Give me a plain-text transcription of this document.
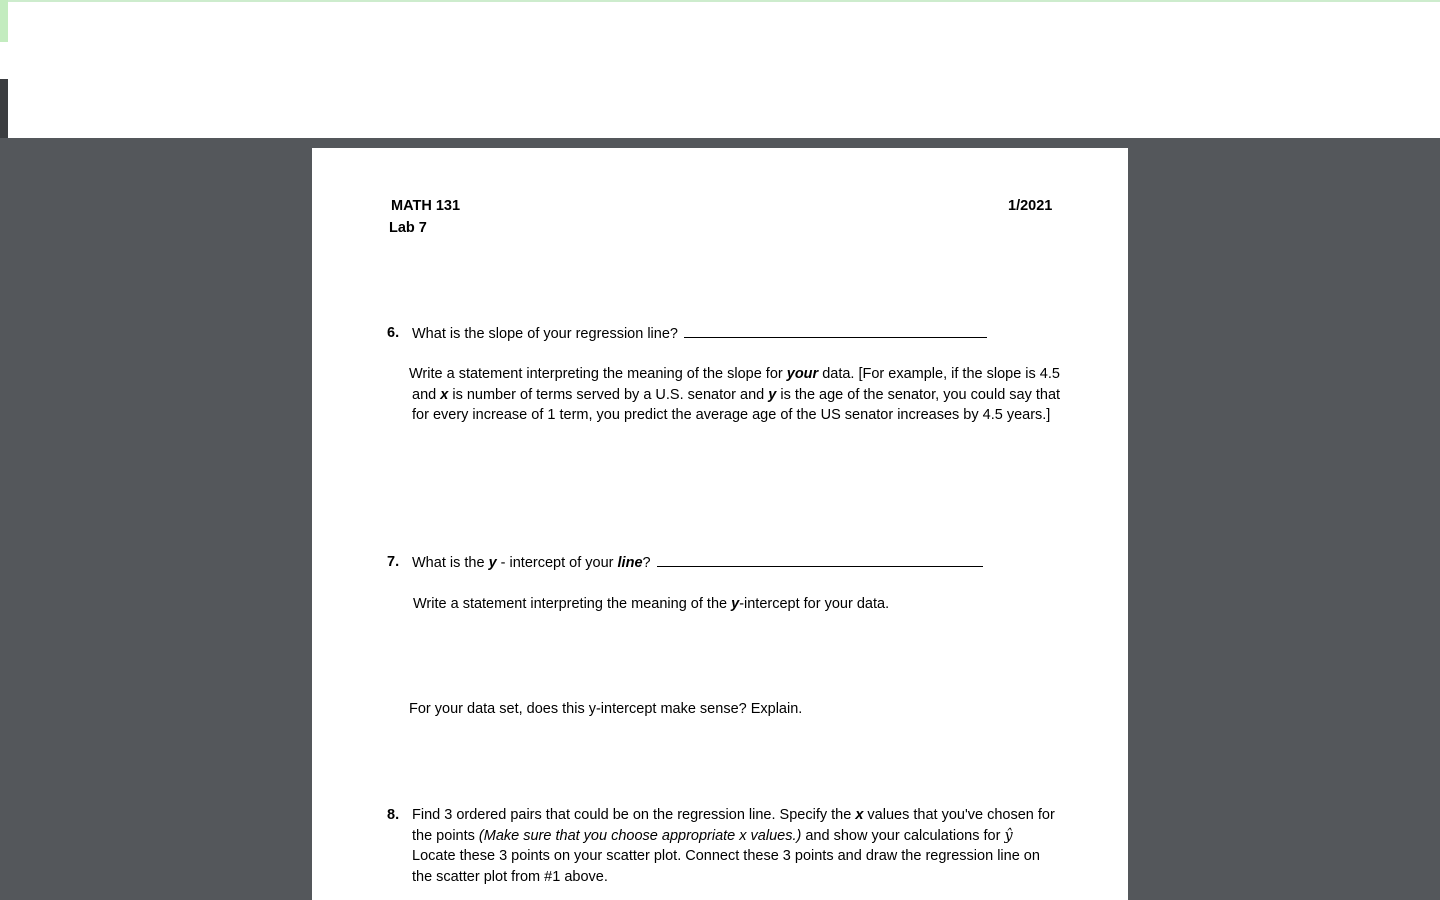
MATH 131
Lab 7
1/2021
6. What is the slope of your regression line?
Write a statement interpreting the meaning of the slope for your data. [For example, if the slope is 4.5 and x is number of terms served by a U.S. senator and y is the age of the senator, you could say that for every increase of 1 term, you predict the average age of the US senator increases by 4.5 years.]
7. What is the y - intercept of your line?
Write a statement interpreting the meaning of the y-intercept for your data.
For your data set, does this y-intercept make sense? Explain.
8. Find 3 ordered pairs that could be on the regression line. Specify the x values that you've chosen for the points (Make sure that you choose appropriate x values.) and show your calculations for ŷ Locate these 3 points on your scatter plot. Connect these 3 points and draw the regression line on the scatter plot from #1 above.
